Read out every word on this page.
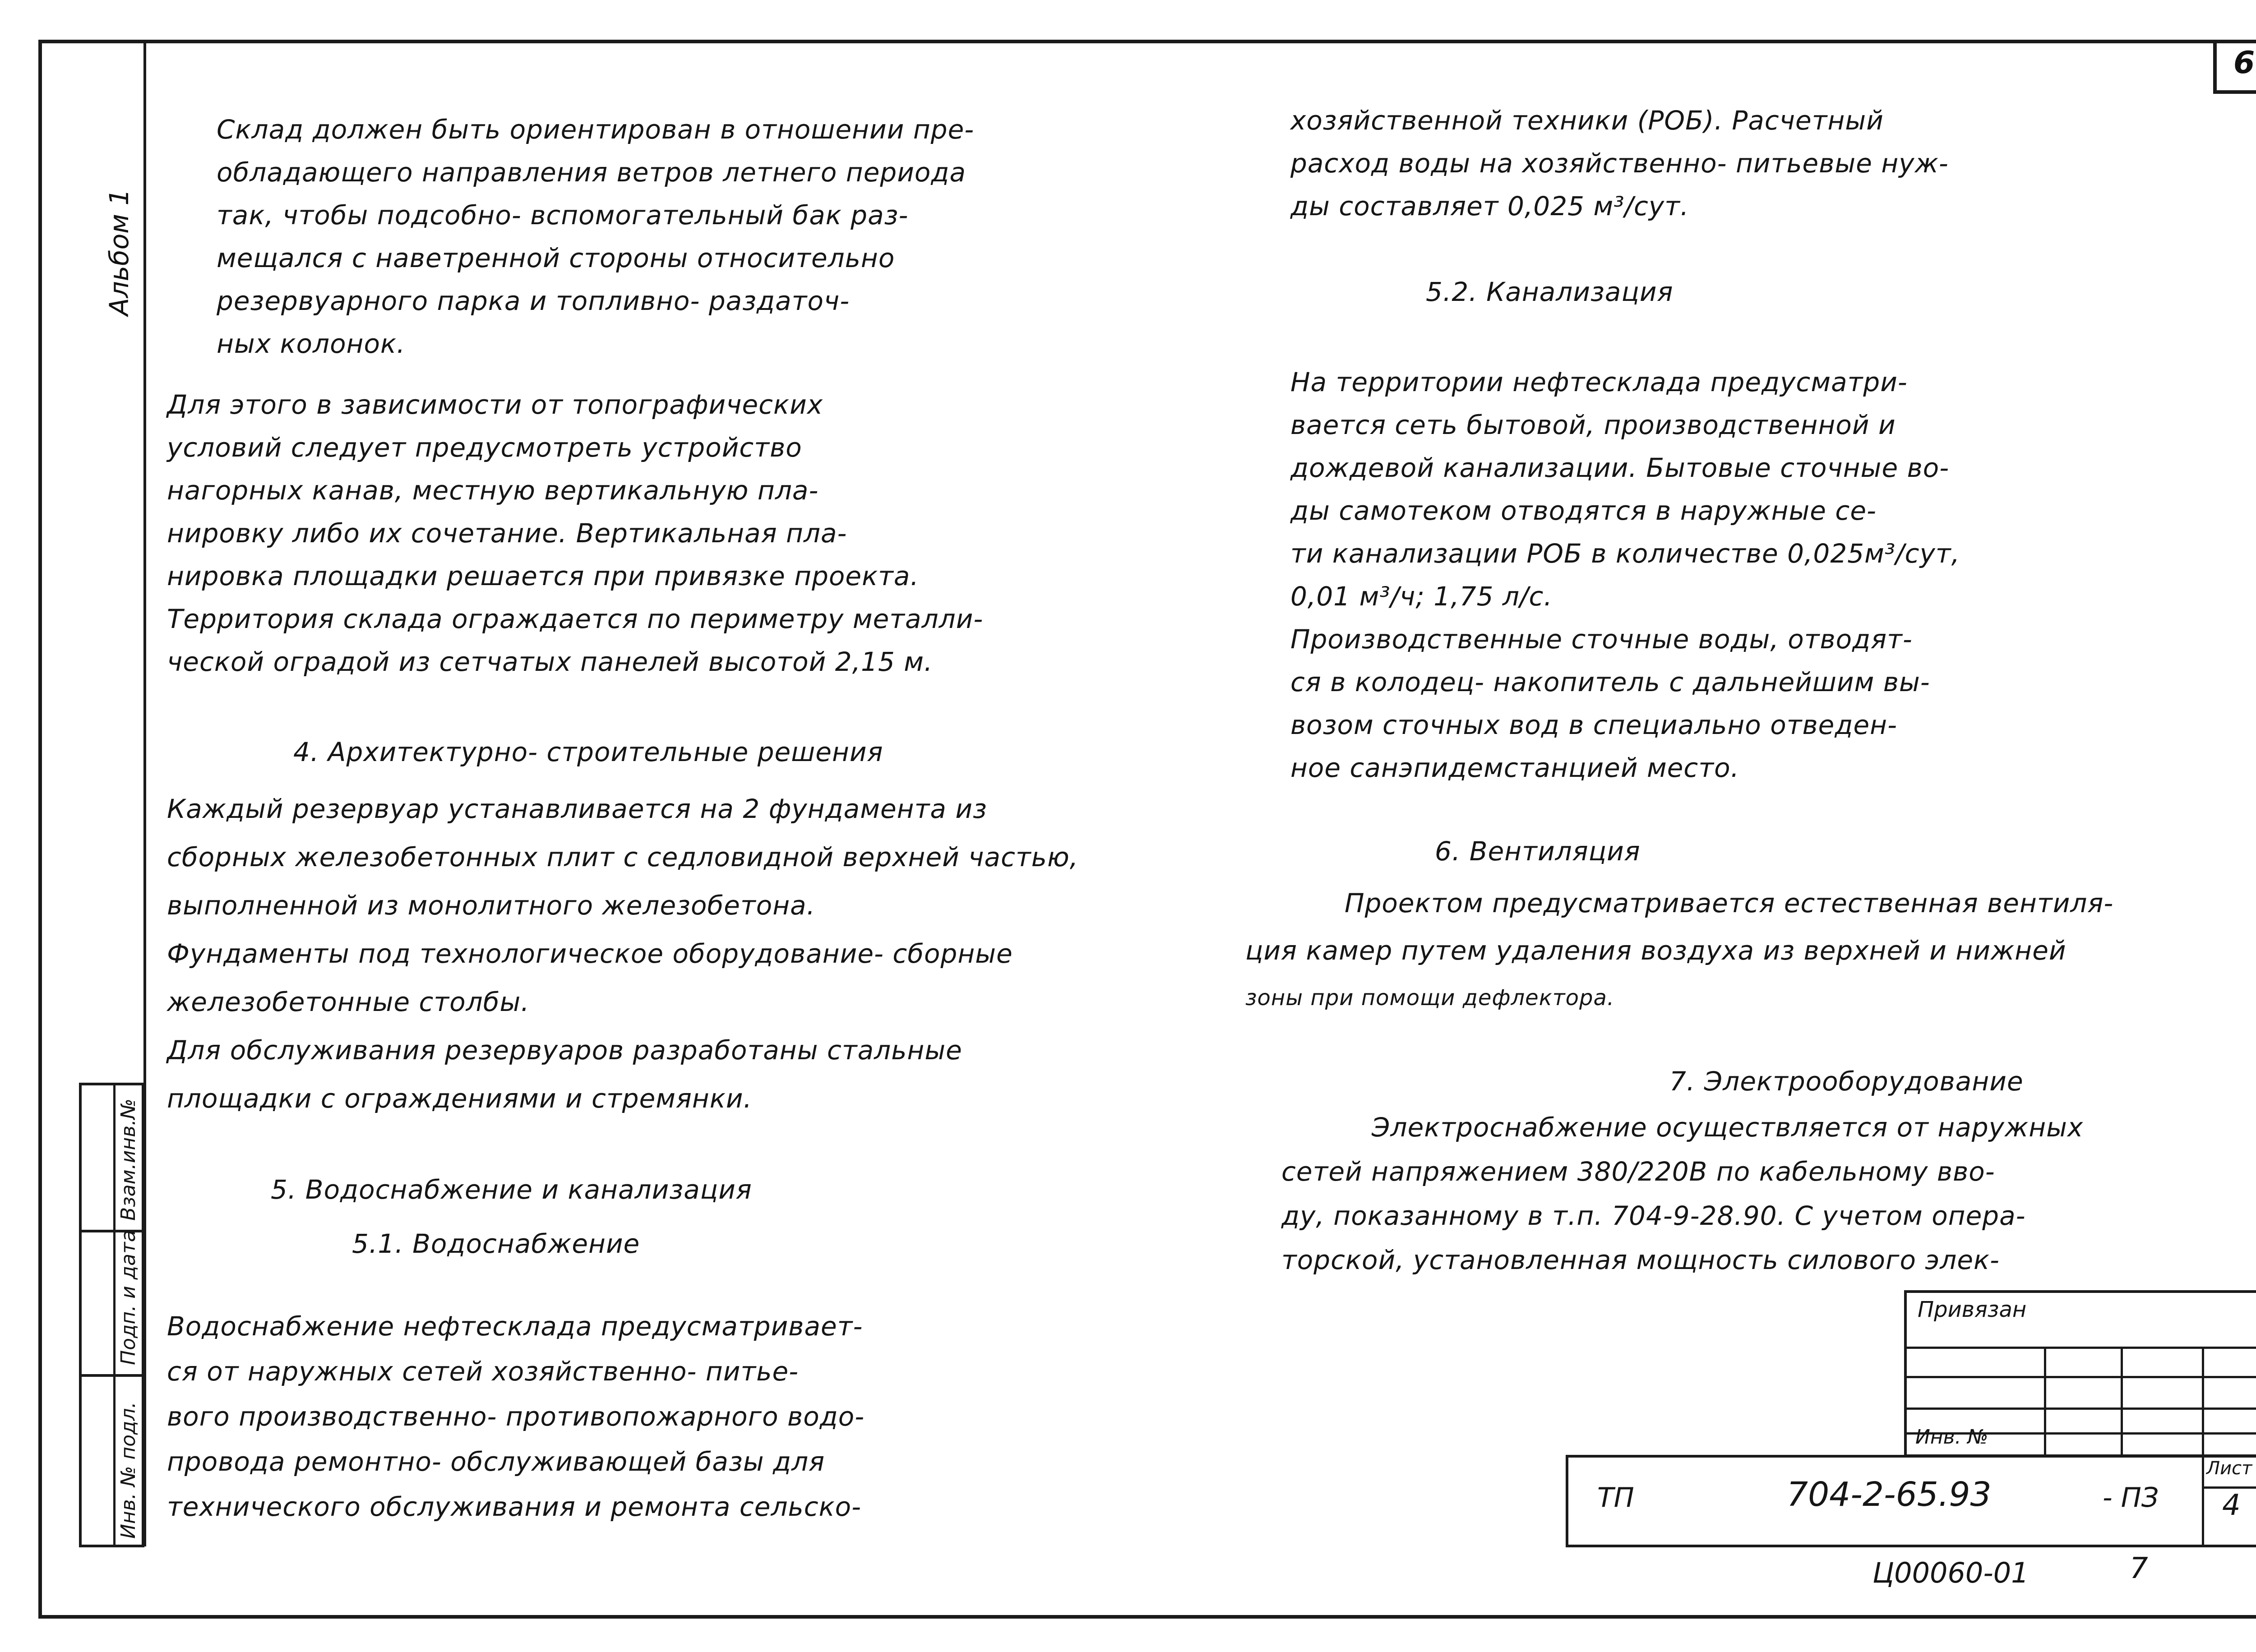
Альбом 1
Взам.инв.№
Подп. и дата
Инв. № подл.
6
Склад должен быть ориентирован в отношении пре-
обладающего направления ветров летнего периода
так, чтобы подсобно- вспомогательный бак раз-
мещался с наветренной стороны относительно
резервуарного парка и топливно- раздаточ-
ных колонок.
Для этого в зависимости от топографических
условий следует предусмотреть устройство
нагорных канав, местную вертикальную пла-
нировку либо их сочетание. Вертикальная пла-
нировка площадки решается при привязке проекта.
Территория склада ограждается по периметру металли-
ческой оградой из сетчатых панелей высотой 2,15 м.
4. Архитектурно- строительные решения
Каждый резервуар устанавливается на 2 фундамента из
сборных железобетонных плит с седловидной верхней частью,
выполненной из монолитного железобетона.
Фундаменты под технологическое оборудование- сборные
железобетонные столбы.
Для обслуживания резервуаров разработаны стальные
площадки с ограждениями и стремянки.
5. Водоснабжение и канализация
5.1. Водоснабжение
Водоснабжение нефтесклада предусматривает-
ся от наружных сетей хозяйственно- питье-
вого производственно- противопожарного водо-
провода ремонтно- обслуживающей базы для
технического обслуживания и ремонта сельско-
хозяйственной техники (РОБ). Расчетный
расход воды на хозяйственно- питьевые нуж-
ды составляет 0,025 м³/сут.
5.2. Канализация
На территории нефтесклада предусматри-
вается сеть бытовой, производственной и
дождевой канализации. Бытовые сточные во-
ды самотеком отводятся в наружные се-
ти канализации РОБ в количестве 0,025м³/сут,
0,01 м³/ч; 1,75 л/с.
Производственные сточные воды, отводят-
ся в колодец- накопитель с дальнейшим вы-
возом сточных вод в специально отведен-
ное санэпидемстанцией место.
6. Вентиляция
Проектом предусматривается естественная вентиля-
ция камер путем удаления воздуха из верхней и нижней
зоны при помощи дефлектора.
7. Электрооборудование
Электроснабжение осуществляется от наружных
сетей напряжением 380/220В по кабельному вво-
ду, показанному в т.п. 704-9-28.90. С учетом опера-
торской, установленная мощность силового элек-
Привязан
Инв. №
ТП	704-2-65.93	- ПЗ
Лист
4
Ц00060-01	7
